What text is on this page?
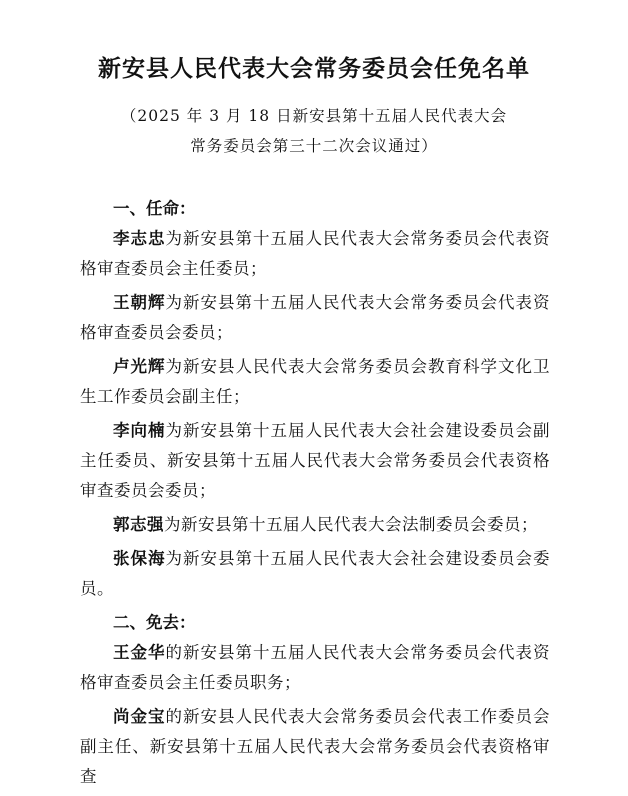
新安县人民代表大会常务委员会任免名单
（2025 年 3 月 18 日新安县第十五届人民代表大会
常务委员会第三十二次会议通过）
一、任命：
李志忠为新安县第十五届人民代表大会常务委员会代表资格审查委员会主任委员；
王朝辉为新安县第十五届人民代表大会常务委员会代表资格审查委员会委员；
卢光辉为新安县人民代表大会常务委员会教育科学文化卫生工作委员会副主任；
李向楠为新安县第十五届人民代表大会社会建设委员会副主任委员、新安县第十五届人民代表大会常务委员会代表资格审查委员会委员；
郭志强为新安县第十五届人民代表大会法制委员会委员；
张保海为新安县第十五届人民代表大会社会建设委员会委员。
二、免去：
王金华的新安县第十五届人民代表大会常务委员会代表资格审查委员会主任委员职务；
尚金宝的新安县人民代表大会常务委员会代表工作委员会副主任、新安县第十五届人民代表大会常务委员会代表资格审查
